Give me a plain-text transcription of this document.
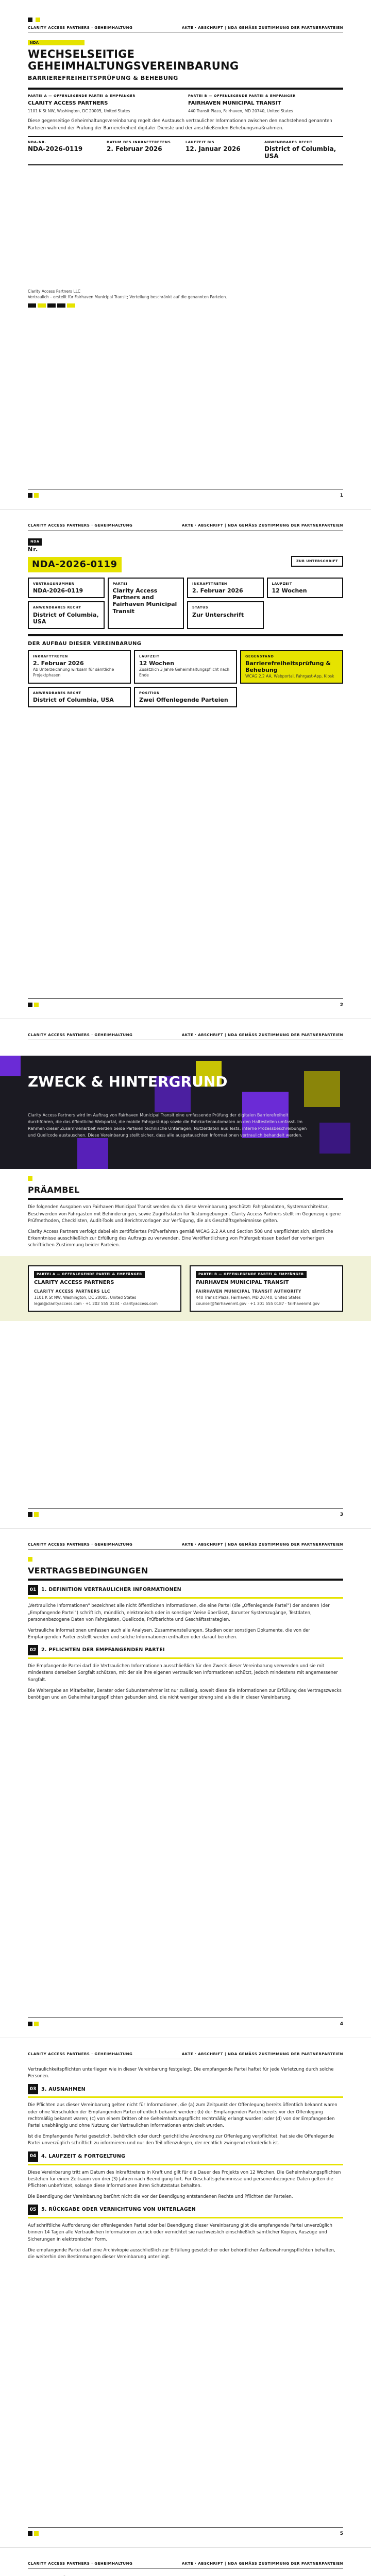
CLARITY ACCESS PARTNERS · GEHEIMHALTUNG	AKTE · ABSCHRIFT | NDA GEMÄSS ZUSTIMMUNG DER PARTNERPARTEIEN
NDA
WECHSELSEITIGE GEHEIMHALTUNGSVEREINBARUNG
BARRIEREFREIHEITSPRÜFUNG & BEHEBUNG
PARTEI A — OFFENLEGENDE PARTEI & EMPFÄNGER
CLARITY ACCESS PARTNERS
1101 K St NW, Washington, DC 20005, United States
PARTEI B — OFFENLEGENDE PARTEI & EMPFÄNGER
FAIRHAVEN MUNICIPAL TRANSIT
440 Transit Plaza, Fairhaven, MD 20740, United States
Diese gegenseitige Geheimhaltungsvereinbarung regelt den Austausch vertraulicher Informationen zwischen den nachstehend genannten Parteien während der Prüfung der Barrierefreiheit digitaler Dienste und der anschließenden Behebungsmaßnahmen.
NDA-NR.
NDA-2026-0119
DATUM DES INKRAFTTRETENS
2. Februar 2026
LAUFZEIT BIS
12. Januar 2026
ANWENDBARES RECHT
District of Columbia, USA
Clarity Access Partners LLC
Vertraulich – erstellt für Fairhaven Municipal Transit; Verteilung beschränkt auf die genannten Parteien.
1
CLARITY ACCESS PARTNERS · GEHEIMHALTUNG	AKTE · ABSCHRIFT | NDA GEMÄSS ZUSTIMMUNG DER PARTNERPARTEIEN
NDA
Nr.
NDA-2026-0119	ZUR UNTERSCHRIFT
VERTRAGSNUMMER
NDA-2026-0119
PARTEI
Clarity Access Partners and Fairhaven Municipal Transit
INKRAFTTRETEN
2. Februar 2026
LAUFZEIT
12 Wochen
ANWENDBARES RECHT
District of Columbia, USA
STATUS
Zur Unterschrift
DER AUFBAU DIESER VEREINBARUNG
INKRAFTTRETEN
2. Februar 2026
Ab Unterzeichnung wirksam für sämtliche Projektphasen
LAUFZEIT
12 Wochen
Zusätzlich 3 Jahre Geheimhaltungspflicht nach Ende
GEGENSTAND
Barrierefreiheitsprüfung & Behebung
WCAG 2.2 AA, Webportal, Fahrgast-App, Kiosk
ANWENDBARES RECHT
District of Columbia, USA
POSITION
Zwei Offenlegende Parteien
2
CLARITY ACCESS PARTNERS · GEHEIMHALTUNG	AKTE · ABSCHRIFT | NDA GEMÄSS ZUSTIMMUNG DER PARTNERPARTEIEN
ZWECK & HINTERGRUND
Clarity Access Partners wird im Auftrag von Fairhaven Municipal Transit eine umfassende Prüfung der digitalen Barrierefreiheit durchführen, die das öffentliche Webportal, die mobile Fahrgast-App sowie die Fahrkartenautomaten an den Haltestellen umfasst. Im Rahmen dieser Zusammenarbeit werden beide Parteien technische Unterlagen, Nutzerdaten aus Tests, interne Prozessbeschreibungen und Quellcode austauschen. Diese Vereinbarung stellt sicher, dass alle ausgetauschten Informationen vertraulich behandelt werden.
PRÄAMBEL
Die folgenden Ausgaben von Fairhaven Municipal Transit werden durch diese Vereinbarung geschützt: Fahrplandaten, Systemarchitektur, Beschwerden von Fahrgästen mit Behinderungen, sowie Zugriffsdaten für Testumgebungen. Clarity Access Partners stellt im Gegenzug eigene Prüfmethoden, Checklisten, Audit-Tools und Berichtsvorlagen zur Verfügung, die als Geschäftsgeheimnisse gelten.
Clarity Access Partners verfolgt dabei ein zertifiziertes Prüfverfahren gemäß WCAG 2.2 AA und Section 508 und verpflichtet sich, sämtliche Erkenntnisse ausschließlich zur Erfüllung des Auftrags zu verwenden. Eine Veröffentlichung von Prüfergebnissen bedarf der vorherigen schriftlichen Zustimmung beider Parteien.
PARTEI A — OFFENLEGENDE PARTEI & EMPFÄNGER
CLARITY ACCESS PARTNERS
CLARITY ACCESS PARTNERS LLC
1101 K St NW, Washington, DC 20005, United States
legal@clarityaccess.com · +1 202 555 0134 · clarityaccess.com
PARTEI B — OFFENLEGENDE PARTEI & EMPFÄNGER
FAIRHAVEN MUNICIPAL TRANSIT
FAIRHAVEN MUNICIPAL TRANSIT AUTHORITY
440 Transit Plaza, Fairhaven, MD 20740, United States
counsel@fairhavenmt.gov · +1 301 555 0187 · fairhavenmt.gov
3
CLARITY ACCESS PARTNERS · GEHEIMHALTUNG	AKTE · ABSCHRIFT | NDA GEMÄSS ZUSTIMMUNG DER PARTNERPARTEIEN
VERTRAGSBEDINGUNGEN
01	1. DEFINITION VERTRAULICHER INFORMATIONEN
„Vertrauliche Informationen" bezeichnet alle nicht öffentlichen Informationen, die eine Partei (die „Offenlegende Partei") der anderen (der „Empfangende Partei") schriftlich, mündlich, elektronisch oder in sonstiger Weise überlässt, darunter Systemzugänge, Testdaten, personenbezogene Daten von Fahrgästen, Quellcode, Prüfberichte und Geschäftsstrategien.
Vertrauliche Informationen umfassen auch alle Analysen, Zusammenstellungen, Studien oder sonstigen Dokumente, die von der Empfangenden Partei erstellt werden und solche Informationen enthalten oder darauf beruhen.
02	2. PFLICHTEN DER EMPFANGENDEN PARTEI
Die Empfangende Partei darf die Vertraulichen Informationen ausschließlich für den Zweck dieser Vereinbarung verwenden und sie mit mindestens derselben Sorgfalt schützen, mit der sie ihre eigenen vertraulichen Informationen schützt, jedoch mindestens mit angemessener Sorgfalt.
Die Weitergabe an Mitarbeiter, Berater oder Subunternehmer ist nur zulässig, soweit diese die Informationen zur Erfüllung des Vertragszwecks benötigen und an Geheimhaltungspflichten gebunden sind, die nicht weniger streng sind als die in dieser Vereinbarung.
4
CLARITY ACCESS PARTNERS · GEHEIMHALTUNG	AKTE · ABSCHRIFT | NDA GEMÄSS ZUSTIMMUNG DER PARTNERPARTEIEN
Vertraulichkeitspflichten unterliegen wie in dieser Vereinbarung festgelegt. Die empfangende Partei haftet für jede Verletzung durch solche Personen.
03	3. AUSNAHMEN
Die Pflichten aus dieser Vereinbarung gelten nicht für Informationen, die (a) zum Zeitpunkt der Offenlegung bereits öffentlich bekannt waren oder ohne Verschulden der Empfangenden Partei öffentlich bekannt werden; (b) der Empfangenden Partei bereits vor der Offenlegung rechtmäßig bekannt waren; (c) von einem Dritten ohne Geheimhaltungspflicht rechtmäßig erlangt wurden; oder (d) von der Empfangenden Partei unabhängig und ohne Nutzung der Vertraulichen Informationen entwickelt wurden.
Ist die Empfangende Partei gesetzlich, behördlich oder durch gerichtliche Anordnung zur Offenlegung verpflichtet, hat sie die Offenlegende Partei unverzüglich schriftlich zu informieren und nur den Teil offenzulegen, der rechtlich zwingend erforderlich ist.
04	4. LAUFZEIT & FORTGELTUNG
Diese Vereinbarung tritt am Datum des Inkrafttretens in Kraft und gilt für die Dauer des Projekts von 12 Wochen. Die Geheimhaltungspflichten bestehen für einen Zeitraum von drei (3) Jahren nach Beendigung fort. Für Geschäftsgeheimnisse und personenbezogene Daten gelten die Pflichten unbefristet, solange diese Informationen ihren Schutzstatus behalten.
Die Beendigung der Vereinbarung berührt nicht die vor der Beendigung entstandenen Rechte und Pflichten der Parteien.
05	5. RÜCKGABE ODER VERNICHTUNG VON UNTERLAGEN
Auf schriftliche Aufforderung der offenlegenden Partei oder bei Beendigung dieser Vereinbarung gibt die empfangende Partei unverzüglich binnen 14 Tagen alle Vertraulichen Informationen zurück oder vernichtet sie nachweislich einschließlich sämtlicher Kopien, Auszüge und Sicherungen in elektronischer Form.
Die empfangende Partei darf eine Archivkopie ausschließlich zur Erfüllung gesetzlicher oder behördlicher Aufbewahrungspflichten behalten, die weiterhin den Bestimmungen dieser Vereinbarung unterliegt.
5
CLARITY ACCESS PARTNERS · GEHEIMHALTUNG	AKTE · ABSCHRIFT | NDA GEMÄSS ZUSTIMMUNG DER PARTNERPARTEIEN
